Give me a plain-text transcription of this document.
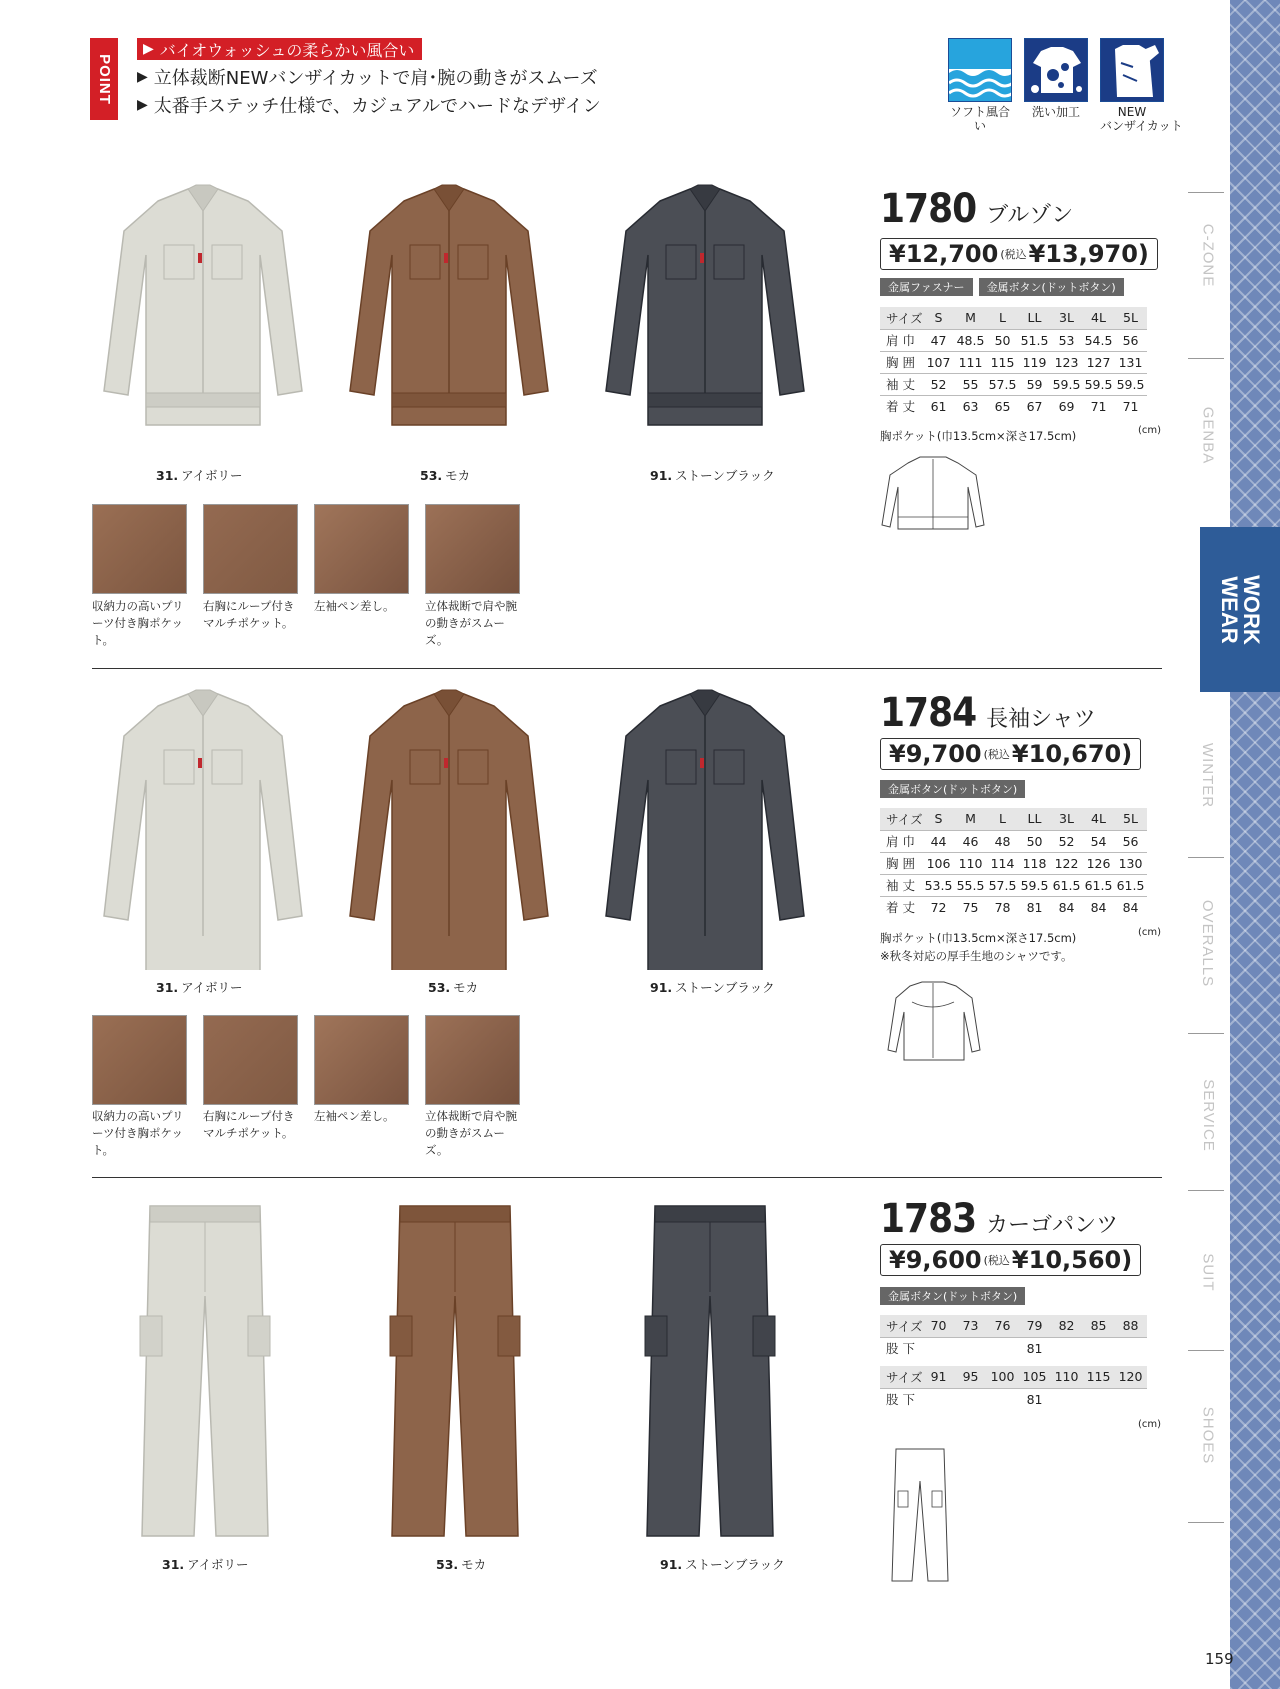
POINT
▶ バイオウォッシュの柔らかい風合い
▶ 立体裁断NEWバンザイカットで肩･腕の動きがスムーズ
▶ 太番手ステッチ仕様で、カジュアルでハードなデザイン	ソフト風合い
洗い加工	NEW
バンザイカット
31. アイボリー	53. モカ	91. ストーンブラック
収納力の高いプリーツ付き胸ポケット。
右胸にループ付きマルチポケット。
左袖ペン差し。	立体裁断で肩や腕の動きがスムーズ。
1780 ブルゾン
¥12,700 (税込 ¥13,970 )
金属ファスナー	金属ボタン(ドットボタン)
サイズ	S	M	L	LL	3L	4L	5L
肩 巾	47	48.5	50	51.5	53	54.5	56
胸 囲	107	111	115	119	123	127	131
袖 丈	52	55	57.5	59	59.5	59.5	59.5
着 丈	61	63	65	67	69	71	71
(cm)
胸ポケット(巾13.5cm×深さ17.5cm)
31. アイボリー	53. モカ	91. ストーンブラック
収納力の高いプリーツ付き胸ポケット。
右胸にループ付きマルチポケット。
左袖ペン差し。	立体裁断で肩や腕の動きがスムーズ。
1784 長袖シャツ
¥9,700 (税込 ¥10,670 )
金属ボタン(ドットボタン)
サイズ	S	M	L	LL	3L	4L	5L
肩 巾	44	46	48	50	52	54	56
胸 囲	106	110	114	118	122	126	130
袖 丈	53.5	55.5	57.5	59.5	61.5	61.5	61.5
着 丈	72	75	78	81	84	84	84
(cm)
胸ポケット(巾13.5cm×深さ17.5cm)
※秋冬対応の厚手生地のシャツです。
31. アイボリー	53. モカ	91. ストーンブラック
1783 カーゴパンツ
¥9,600 (税込 ¥10,560 )
金属ボタン(ドットボタン)
サイズ	70	73	76	79	82	85	88
股 下				81			
サイズ	91	95	100	105	110	115	120
股 下				81			
(cm)
C-ZONE
GENBA
WORK
WEAR
WINTER
OVERALLS
SERVICE
SUIT
SHOES
159
